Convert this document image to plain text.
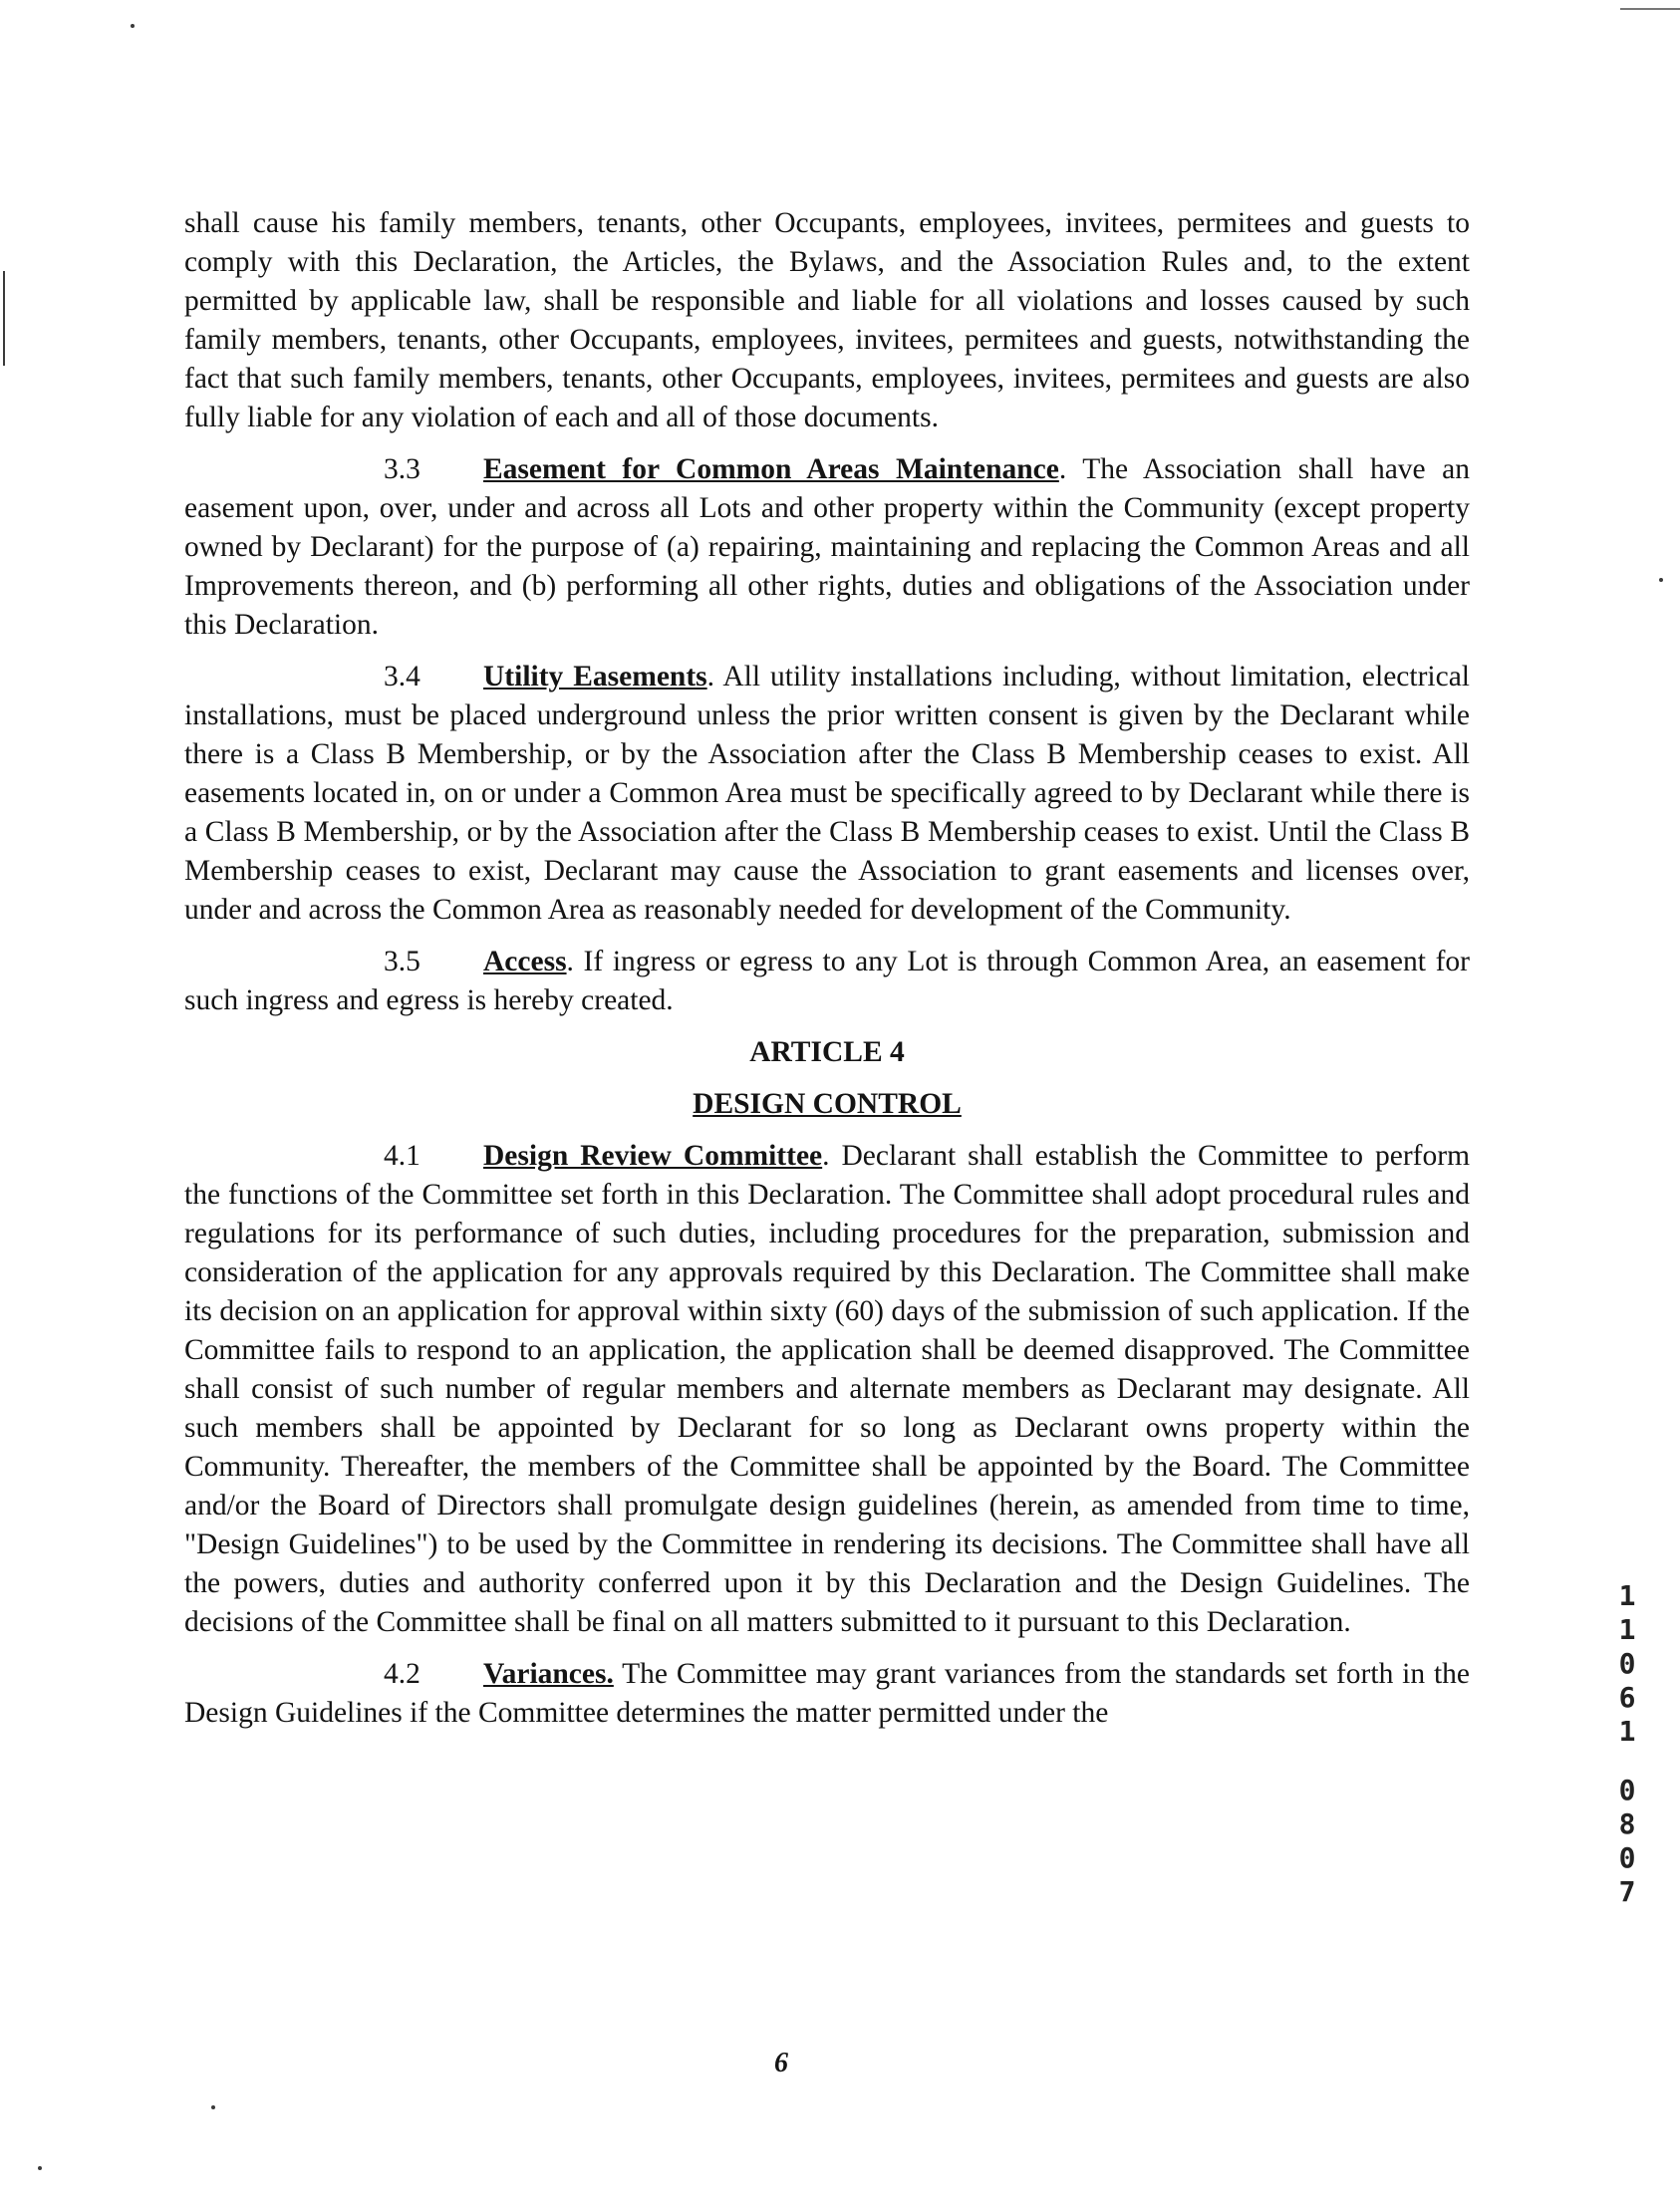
shall cause his family members, tenants, other Occupants, employees, invitees, permitees and guests to comply with this Declaration, the Articles, the Bylaws, and the Association Rules and, to the extent permitted by applicable law, shall be responsible and liable for all violations and losses caused by such family members, tenants, other Occupants, employees, invitees, permitees and guests, notwithstanding the fact that such family members, tenants, other Occupants, employees, invitees, permitees and guests are also fully liable for any violation of each and all of those documents.

3.3 Easement for Common Areas Maintenance. The Association shall have an easement upon, over, under and across all Lots and other property within the Community (except property owned by Declarant) for the purpose of (a) repairing, maintaining and replacing the Common Areas and all Improvements thereon, and (b) performing all other rights, duties and obligations of the Association under this Declaration.

3.4 Utility Easements. All utility installations including, without limitation, electrical installations, must be placed underground unless the prior written consent is given by the Declarant while there is a Class B Membership, or by the Association after the Class B Membership ceases to exist. All easements located in, on or under a Common Area must be specifically agreed to by Declarant while there is a Class B Membership, or by the Association after the Class B Membership ceases to exist. Until the Class B Membership ceases to exist, Declarant may cause the Association to grant easements and licenses over, under and across the Common Area as reasonably needed for development of the Community.

3.5 Access. If ingress or egress to any Lot is through Common Area, an easement for such ingress and egress is hereby created.

ARTICLE 4

DESIGN CONTROL

4.1 Design Review Committee. Declarant shall establish the Committee to perform the functions of the Committee set forth in this Declaration. The Committee shall adopt procedural rules and regulations for its performance of such duties, including procedures for the preparation, submission and consideration of the application for any approvals required by this Declaration. The Committee shall make its decision on an application for approval within sixty (60) days of the submission of such application. If the Committee fails to respond to an application, the application shall be deemed disapproved. The Committee shall consist of such number of regular members and alternate members as Declarant may designate. All such members shall be appointed by Declarant for so long as Declarant owns property within the Community. Thereafter, the members of the Committee shall be appointed by the Board. The Committee and/or the Board of Directors shall promulgate design guidelines (herein, as amended from time to time, "Design Guidelines") to be used by the Committee in rendering its decisions. The Committee shall have all the powers, duties and authority conferred upon it by this Declaration and the Design Guidelines. The decisions of the Committee shall be final on all matters submitted to it pursuant to this Declaration.

4.2 Variances. The Committee may grant variances from the standards set forth in the Design Guidelines if the Committee determines the matter permitted under the

1
1
0
6
1
0
8
0
7
6
